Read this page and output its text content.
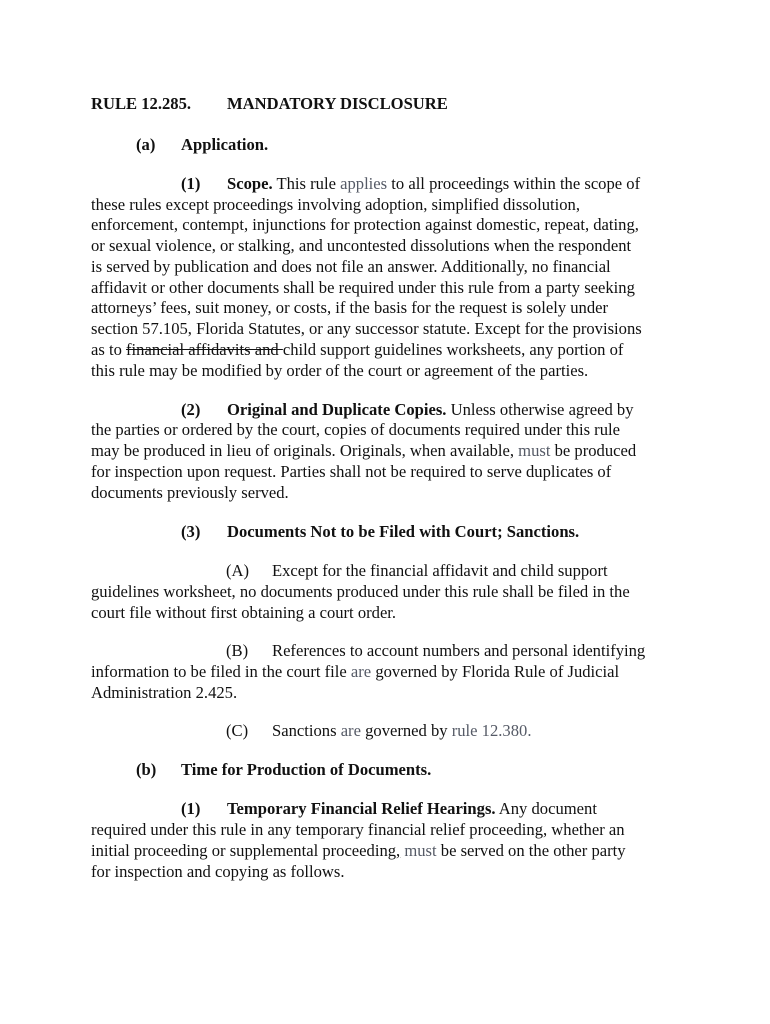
RULE 12.285. MANDATORY DISCLOSURE
(a) Application.
(1) Scope. This rule applies to all proceedings within the scope of
these rules except proceedings involving adoption, simplified dissolution,
enforcement, contempt, injunctions for protection against domestic, repeat, dating,
or sexual violence, or stalking, and uncontested dissolutions when the respondent
is served by publication and does not file an answer. Additionally, no financial
affidavit or other documents shall be required under this rule from a party seeking
attorneys’ fees, suit money, or costs, if the basis for the request is solely under
section 57.105, Florida Statutes, or any successor statute. Except for the provisions
as to financial affidavits and child support guidelines worksheets, any portion of
this rule may be modified by order of the court or agreement of the parties.
(2) Original and Duplicate Copies. Unless otherwise agreed by
the parties or ordered by the court, copies of documents required under this rule
may be produced in lieu of originals. Originals, when available, must be produced
for inspection upon request. Parties shall not be required to serve duplicates of
documents previously served.
(3) Documents Not to be Filed with Court; Sanctions.
(A) Except for the financial affidavit and child support
guidelines worksheet, no documents produced under this rule shall be filed in the
court file without first obtaining a court order.
(B) References to account numbers and personal identifying
information to be filed in the court file are governed by Florida Rule of Judicial
Administration 2.425.
(C) Sanctions are governed by rule 12.380.
(b) Time for Production of Documents.
(1) Temporary Financial Relief Hearings. Any document
required under this rule in any temporary financial relief proceeding, whether an
initial proceeding or supplemental proceeding, must be served on the other party
for inspection and copying as follows.
